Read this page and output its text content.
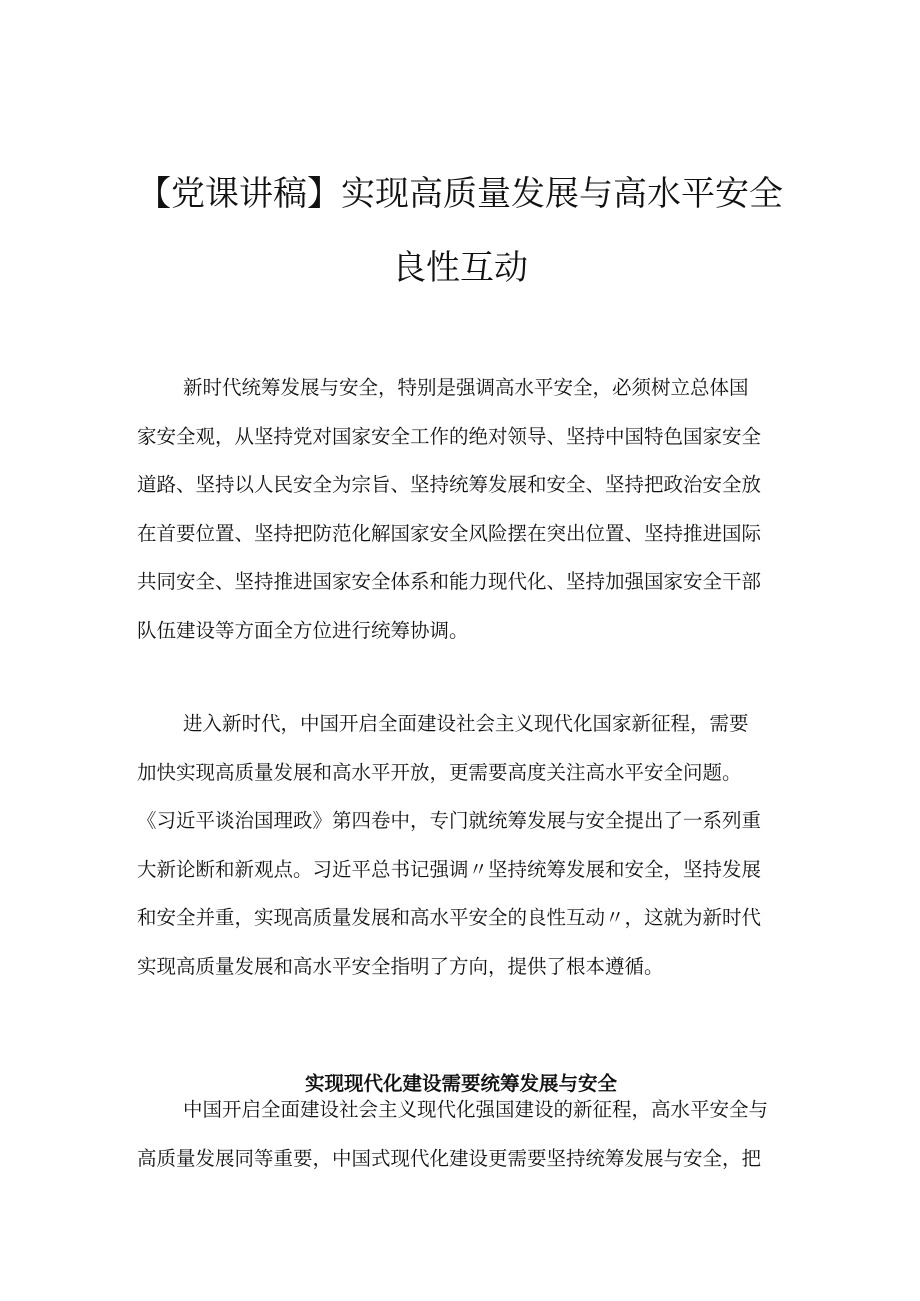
【党课讲稿】实现高质量发展与高水平安全
良性互动
新时代统筹发展与安全，特别是强调高水平安全，必须树立总体国
家安全观，从坚持党对国家安全工作的绝对领导、坚持中国特色国家安全
道路、坚持以人民安全为宗旨、坚持统筹发展和安全、坚持把政治安全放
在首要位置、坚持把防范化解国家安全风险摆在突出位置、坚持推进国际
共同安全、坚持推进国家安全体系和能力现代化、坚持加强国家安全干部
队伍建设等方面全方位进行统筹协调。
进入新时代，中国开启全面建设社会主义现代化国家新征程，需要
加快实现高质量发展和高水平开放，更需要高度关注高水平安全问题。
《习近平谈治国理政》第四卷中，专门就统筹发展与安全提出了一系列重
大新论断和新观点。习近平总书记强调〃坚持统筹发展和安全，坚持发展
和安全并重，实现高质量发展和高水平安全的良性互动〃，这就为新时代
实现高质量发展和高水平安全指明了方向，提供了根本遵循。
实现现代化建设需要统筹发展与安全
中国开启全面建设社会主义现代化强国建设的新征程，高水平安全与
高质量发展同等重要，中国式现代化建设更需要坚持统筹发展与安全，把
